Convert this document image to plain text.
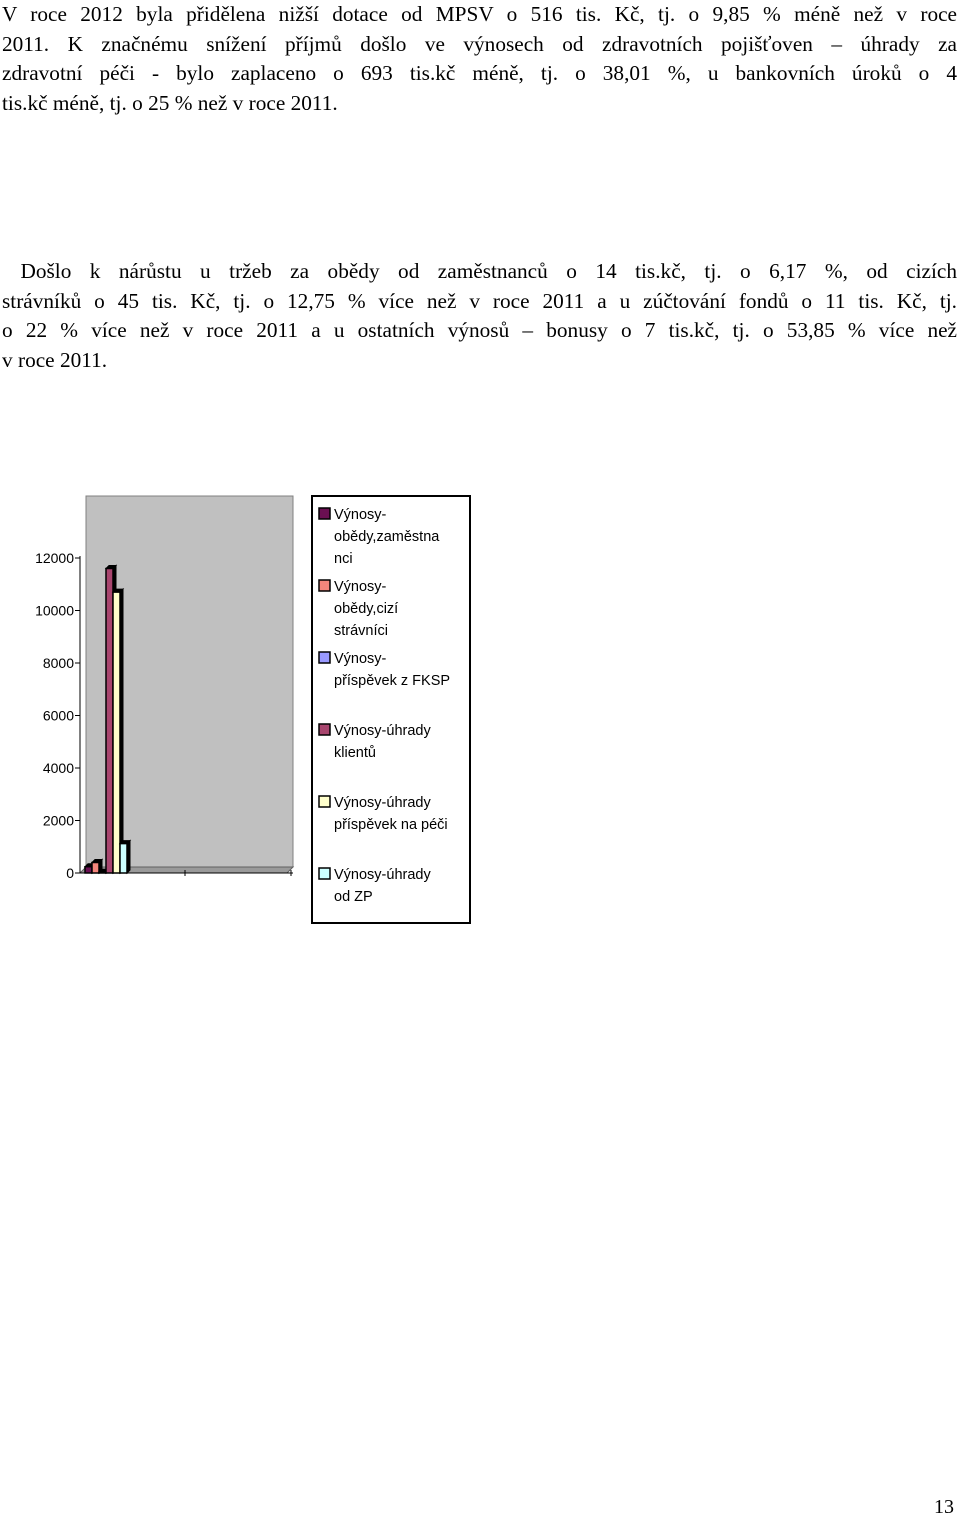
V roce 2012 byla přidělena nižší dotace od MPSV o 516 tis. Kč, tj. o 9,85 % méně než v roce
2011. K značnému snížení příjmů došlo ve výnosech od zdravotních pojišťoven – úhrady za
zdravotní péči - bylo zaplaceno o 693 tis.kč méně, tj. o 38,01 %, u bankovních úroků o 4
tis.kč méně, tj. o 25 % než v roce 2011.
Došlo k nárůstu u tržeb za obědy od zaměstnanců o 14 tis.kč, tj. o 6,17 %, od cizích
strávníků o 45 tis. Kč, tj. o 12,75 % více než v roce 2011 a u zúčtování fondů o 11 tis. Kč, tj.
o 22 % více než v roce 2011 a u ostatních výnosů – bonusy o 7 tis.kč, tj. o 53,85 % více než
v roce 2011.
12000
10000
8000
6000
4000
2000
0
Výnosy-
obědy,zaměstna
nci
Výnosy-
obědy,cizí
strávníci
Výnosy-
příspěvek z FKSP
Výnosy-úhrady
klientů
Výnosy-úhrady
příspěvek na péči
Výnosy-úhrady
od ZP
13
